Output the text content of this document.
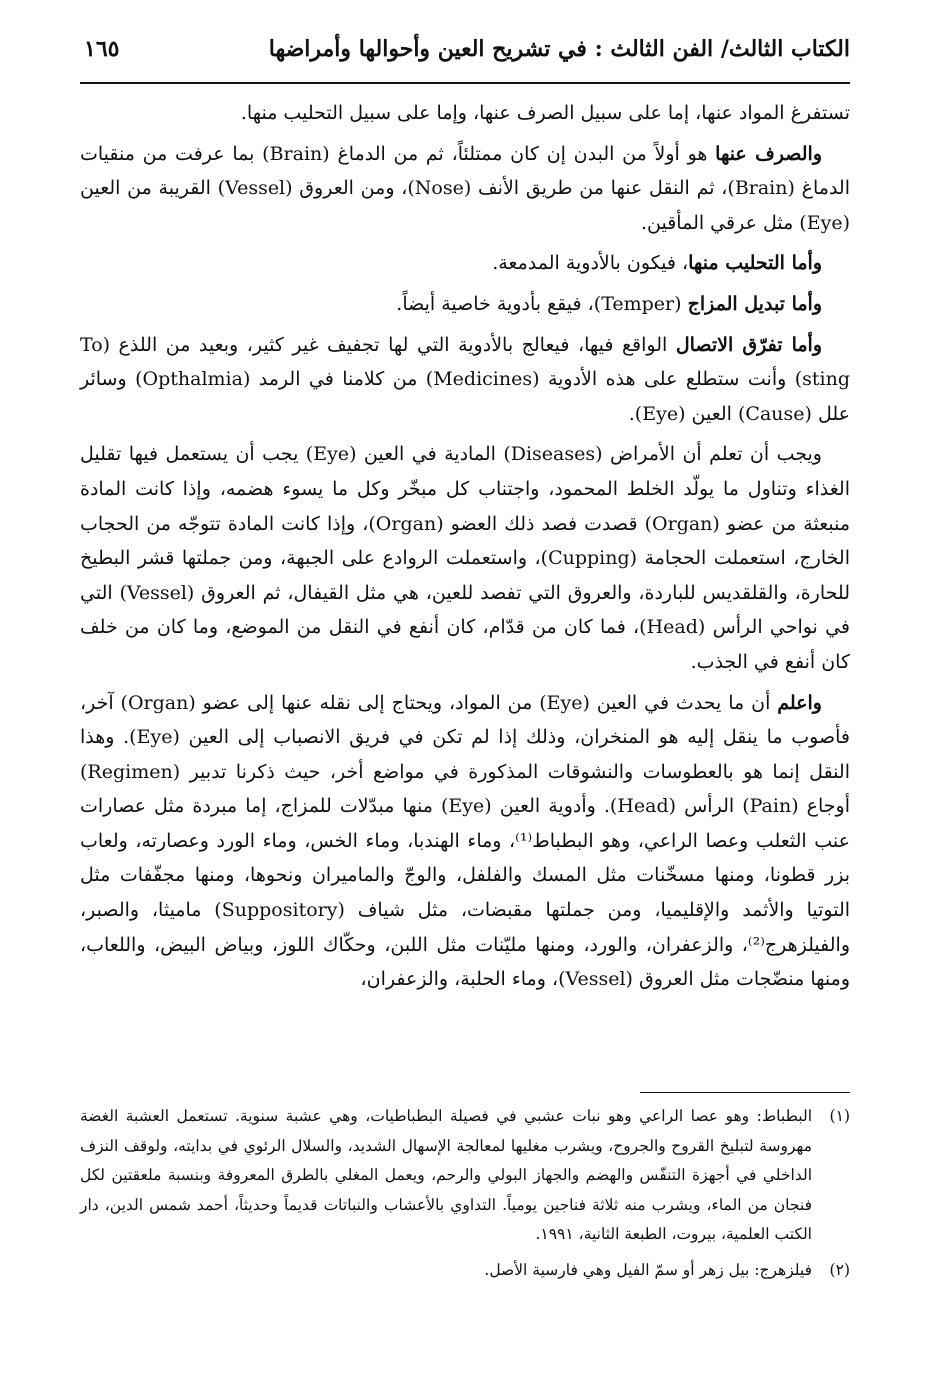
الكتاب الثالث/ الفن الثالث : في تشريح العين وأحوالها وأمراضها
١٦٥

تستفرغ المواد عنها، إما على سبيل الصرف عنها، وإما على سبيل التحليب منها.

والصرف عنها هو أولاً من البدن إن كان ممتلئاً، ثم من الدماغ (Brain) بما عرفت من منقيات الدماغ (Brain)، ثم النقل عنها من طريق الأنف (Nose)، ومن العروق (Vessel) القريبة من العين (Eye) مثل عرقي المأقين.

وأما التحليب منها، فيكون بالأدوية المدمعة.

وأما تبديل المزاج (Temper)، فيقع بأدوية خاصية أيضاً.

وأما تفرّق الاتصال الواقع فيها، فيعالج بالأدوية التي لها تجفيف غير كثير، وبعيد من اللذع (To sting) وأنت ستطلع على هذه الأدوية (Medicines) من كلامنا في الرمد (Opthalmia) وسائر علل (Cause) العين (Eye).

ويجب أن تعلم أن الأمراض (Diseases) المادية في العين (Eye) يجب أن يستعمل فيها تقليل الغذاء وتناول ما يولّد الخلط المحمود، واجتناب كل مبخّر وكل ما يسوء هضمه، وإذا كانت المادة منبعثة من عضو (Organ) قصدت فصد ذلك العضو (Organ)، وإذا كانت المادة تتوجّه من الحجاب الخارج، استعملت الحجامة (Cupping)، واستعملت الروادع على الجبهة، ومن جملتها قشر البطيخ للحارة، والقلقديس للباردة، والعروق التي تفصد للعين، هي مثل القيفال، ثم العروق (Vessel) التي في نواحي الرأس (Head)، فما كان من قدّام، كان أنفع في النقل من الموضع، وما كان من خلف كان أنفع في الجذب.

واعلم أن ما يحدث في العين (Eye) من المواد، ويحتاج إلى نقله عنها إلى عضو (Organ) آخر، فأصوب ما ينقل إليه هو المنخران، وذلك إذا لم تكن في فريق الانصباب إلى العين (Eye). وهذا النقل إنما هو بالعطوسات والنشوقات المذكورة في مواضع أخر، حيث ذكرنا تدبير (Regimen) أوجاع (Pain) الرأس (Head). وأدوية العين (Eye) منها مبدّلات للمزاج، إما مبردة مثل عصارات عنب الثعلب وعصا الراعي، وهو البطباط⁽¹⁾، وماء الهندبا، وماء الخس، وماء الورد وعصارته، ولعاب بزر قطونا، ومنها مسخّنات مثل المسك والفلفل، والوجّ والماميران ونحوها، ومنها مجفّفات مثل التوتيا والأثمد والإقليميا، ومن جملتها مقبضات، مثل شياف (Suppository) ماميثا، والصبر، والفيلزهرج⁽²⁾، والزعفران، والورد، ومنها مليّنات مثل اللبن، وحكّاك اللوز، وبياض البيض، واللعاب، ومنها منضّجات مثل العروق (Vessel)، وماء الحلبة، والزعفران،

(١)
البطباط: وهو عصا الراعي وهو نبات عشبي في فصيلة البطباطيات، وهي عشبة سنوية. تستعمل العشبة الغضة مهروسة لتبليخ القروح والجروح، ويشرب مغليها لمعالجة الإسهال الشديد، والسلال الرئوي في بدايته، ولوقف النزف الداخلي في أجهزة التنفّس والهضم والجهاز البولي والرحم، ويعمل المغلي بالطرق المعروفة وبنسبة ملعقتين لكل فنجان من الماء، ويشرب منه ثلاثة فناجين يومياً. التداوي بالأعشاب والنباتات قديماً وحديثاً، أحمد شمس الدين، دار الكتب العلمية، بيروت، الطبعة الثانية، ١٩٩١.
(٢)
فيلزهرج: بيل زهر أو سمّ الفيل وهي فارسية الأصل.
